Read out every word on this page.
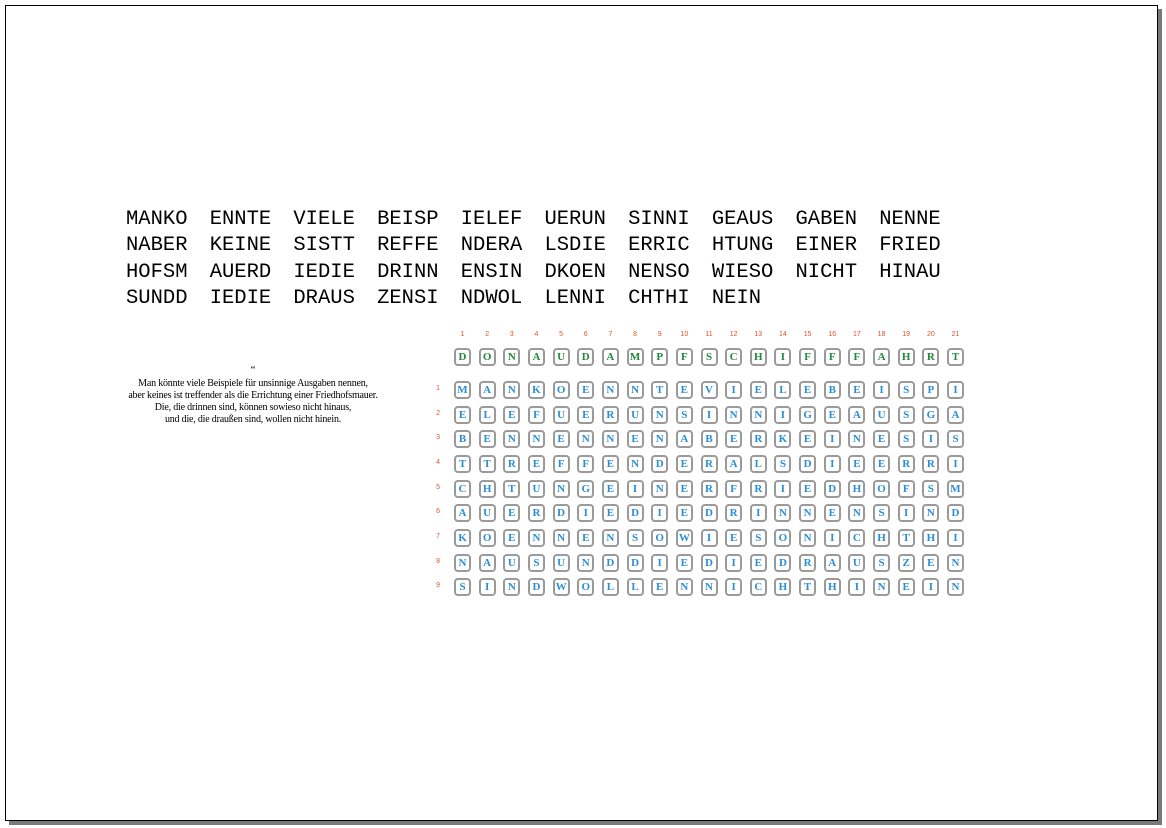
MANKO ENNTE VIELE BEISP IELEF UERUN SINNI GEAUS GABEN NENNE
NABER KEINE SISTT REFFE NDERA LSDIE ERRIC HTUNG EINER FRIED
HOFSM AUERD IEDIE DRINN ENSIN DKOEN NENSO WIESO NICHT HINAU
SUNDD IEDIE DRAUS ZENSI NDWOL LENNI CHTHI NEIN
“
Man könnte viele Beispiele für unsinnige Ausgaben nennen,
aber keines ist treffender als die Errichtung einer Friedhofsmauer.
Die, die drinnen sind, können sowieso nicht hinaus,
und die, die draußen sind, wollen nicht hinein.
1	2	3	4	5	6	7	8	9	10	11	12	13	14	15	16	17	18	19	20	21
D	O	N	A	U	D	A	M	P	F	S	C	H	I	F	F	F	A	H	R	T
1 M	A	N	K	O	E	N	N	T	E	V	I	E	L	E	B	E	I	S	P	I
2	E	L	E	F	U	E	R	U	N	S	I	N	N	I	G	E	A	U	S	G	A
3	B	E	N	N	E	N	N	E	N	A	B	E	R	K	E	I	N	E	S	I	S
4	T	T	R	E	F	F	E	N	D	E	R	A	L	S	D	I	E	E	R	R	I
5	C	H	T	U	N	G	E	I	N	E	R	F	R	I	E	D	H	O	F	S	M
6	A	U	E	R	D	I	E	D	I	E	D	R	I	N	N	E	N	S	I	N	D
7	K	O	E	N	N	E	N	S	O	W	I	E	S	O	N	I	C	H	T	H	I
8	N	A	U	S	U	N	D	D	I	E	D	I	E	D	R	A	U	S	Z	E	N
9	S	I	N	D	W	O	L	L	E	N	N	I	C	H	T	H	I	N	E	I	N
